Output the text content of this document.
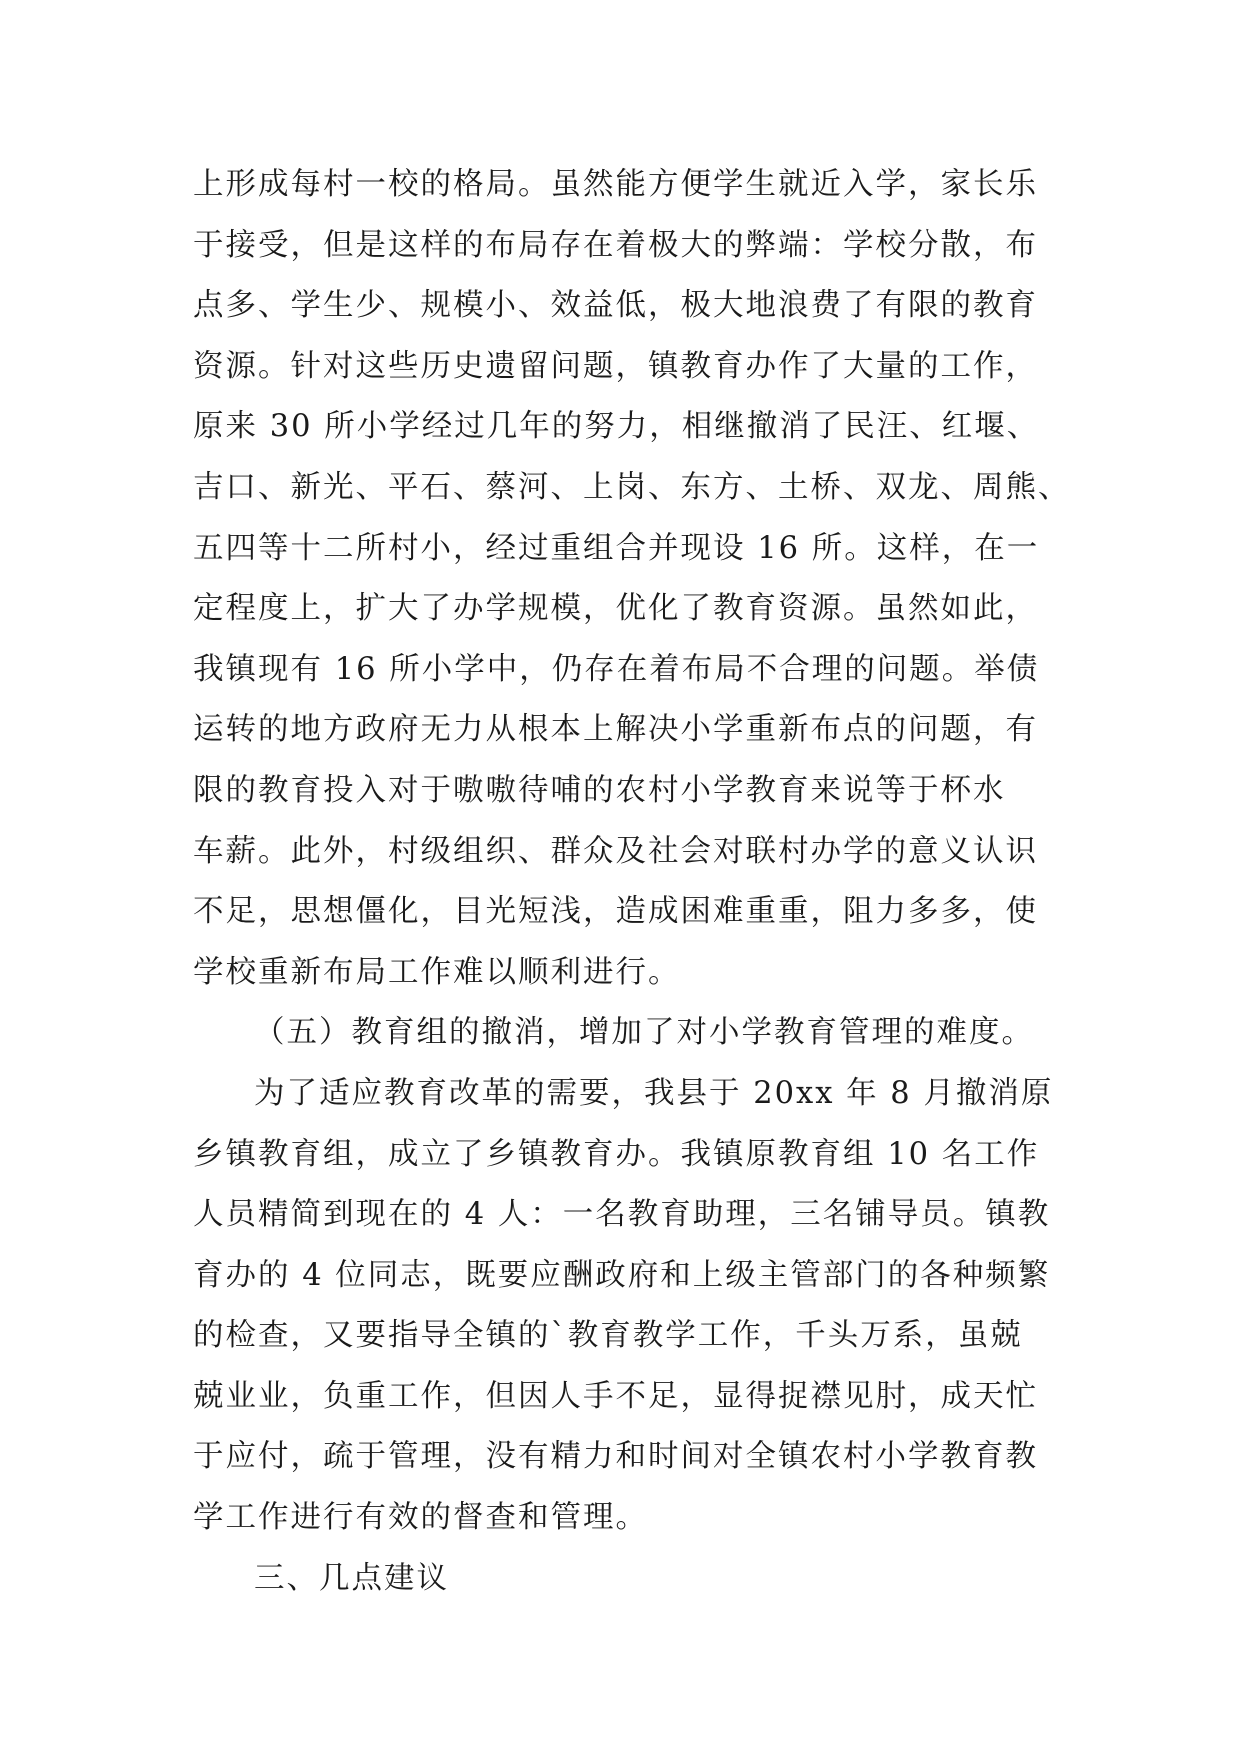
上形成每村一校的格局。虽然能方便学生就近入学，家长乐
于接受，但是这样的布局存在着极大的弊端：学校分散，布
点多、学生少、规模小、效益低，极大地浪费了有限的教育
资源。针对这些历史遗留问题，镇教育办作了大量的工作，
原来 30 所小学经过几年的努力，相继撤消了民汪、红堰、
吉口、新光、平石、蔡河、上岗、东方、土桥、双龙、周熊、
五四等十二所村小，经过重组合并现设 16 所。这样，在一
定程度上，扩大了办学规模，优化了教育资源。虽然如此，
我镇现有 16 所小学中，仍存在着布局不合理的问题。举债
运转的地方政府无力从根本上解决小学重新布点的问题，有
限的教育投入对于嗷嗷待哺的农村小学教育来说等于杯水
车薪。此外，村级组织、群众及社会对联村办学的意义认识
不足，思想僵化，目光短浅，造成困难重重，阻力多多，使
学校重新布局工作难以顺利进行。
（五）教育组的撤消，增加了对小学教育管理的难度。
为了适应教育改革的需要，我县于 20xx 年 8 月撤消原
乡镇教育组，成立了乡镇教育办。我镇原教育组 10 名工作
人员精简到现在的 4 人：一名教育助理，三名铺导员。镇教
育办的 4 位同志，既要应酬政府和上级主管部门的各种频繁
的检查，又要指导全镇的`教育教学工作，千头万系，虽兢
兢业业，负重工作，但因人手不足，显得捉襟见肘，成天忙
于应付，疏于管理，没有精力和时间对全镇农村小学教育教
学工作进行有效的督查和管理。
三、几点建议
